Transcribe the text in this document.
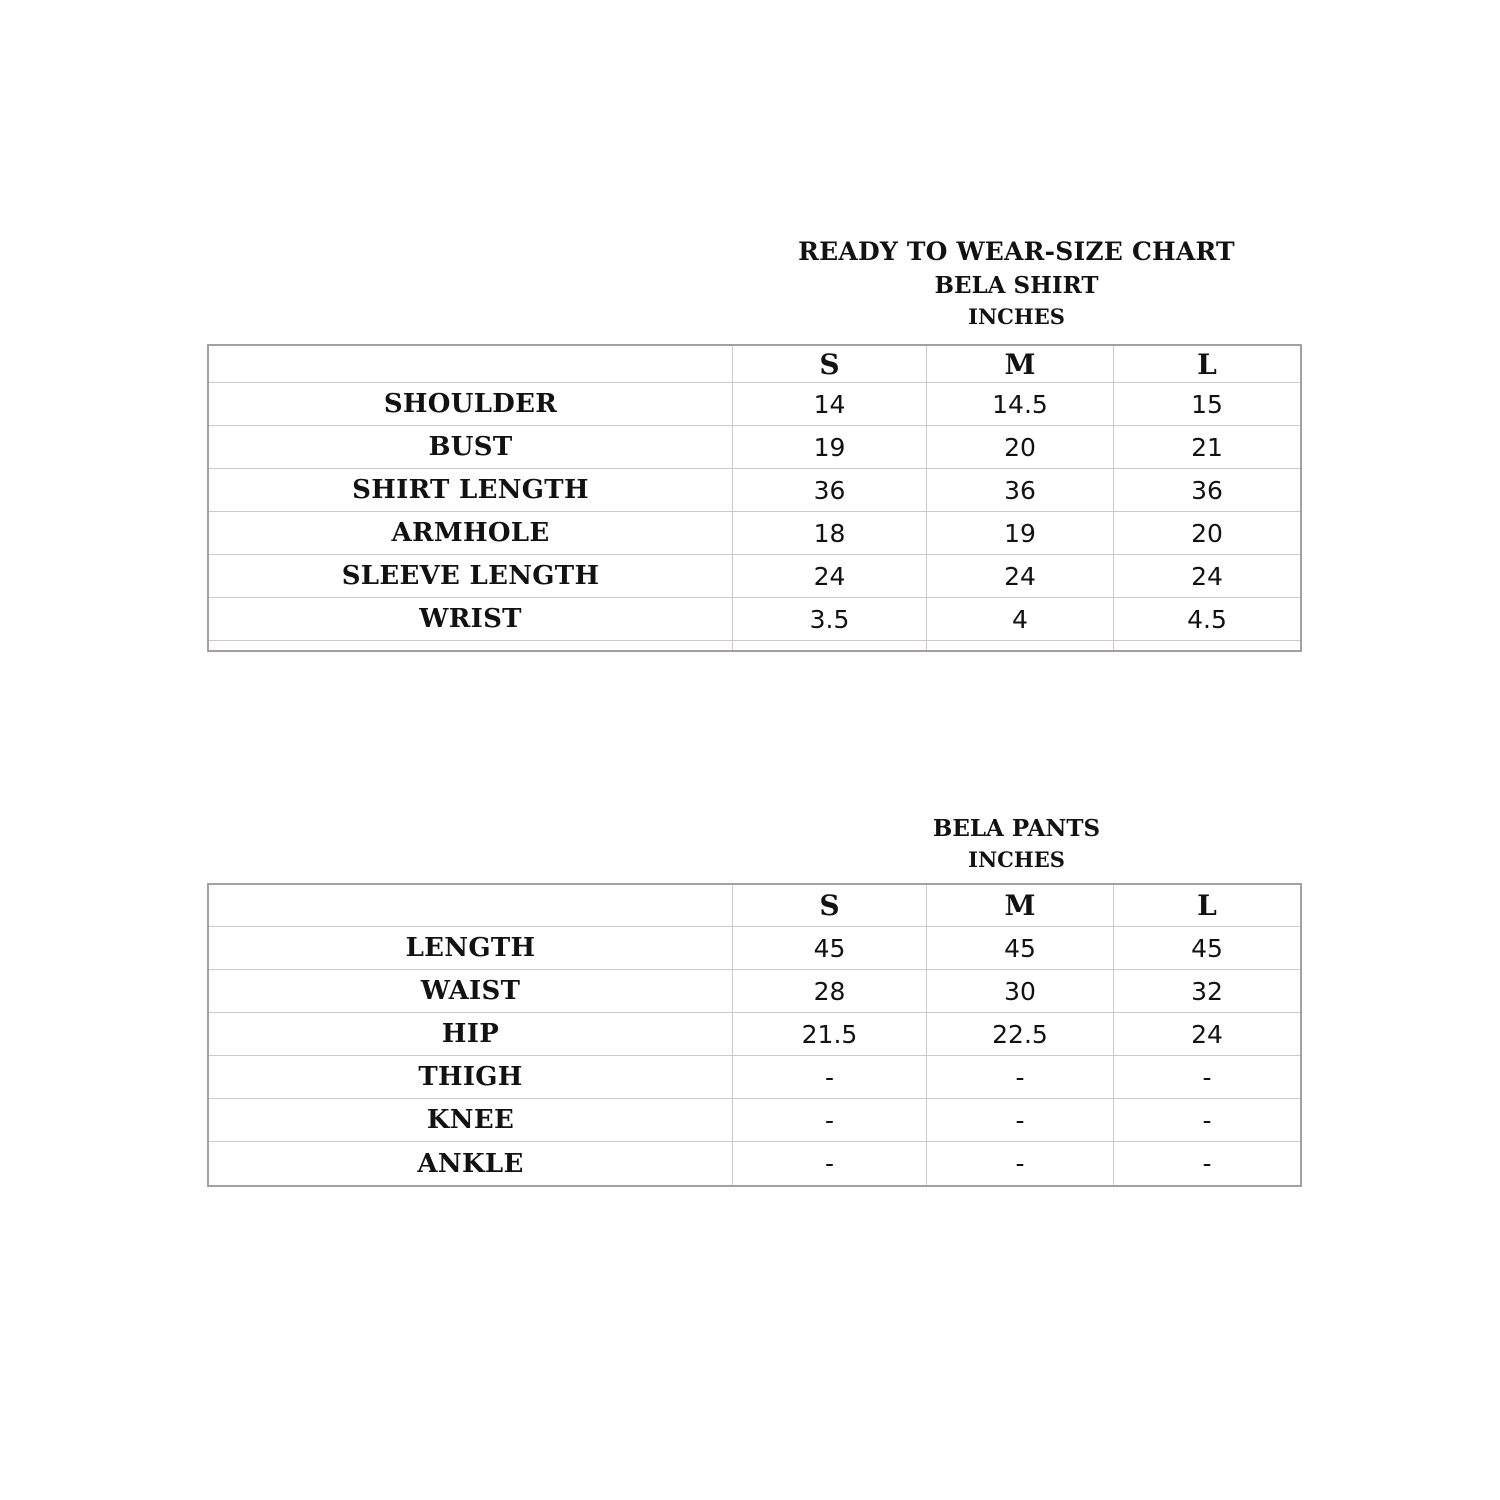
READY TO WEAR-SIZE CHART
BELA SHIRT
INCHES
S	M	L
SHOULDER	14	14.5	15
BUST	19	20	21
SHIRT LENGTH	36	36	36
ARMHOLE	18	19	20
SLEEVE LENGTH	24	24	24
WRIST	3.5	4	4.5
BELA PANTS
INCHES
S	M	L
LENGTH	45	45	45
WAIST	28	30	32
HIP	21.5	22.5	24
THIGH	-	-	-
KNEE	-	-	-
ANKLE	-	-	-
